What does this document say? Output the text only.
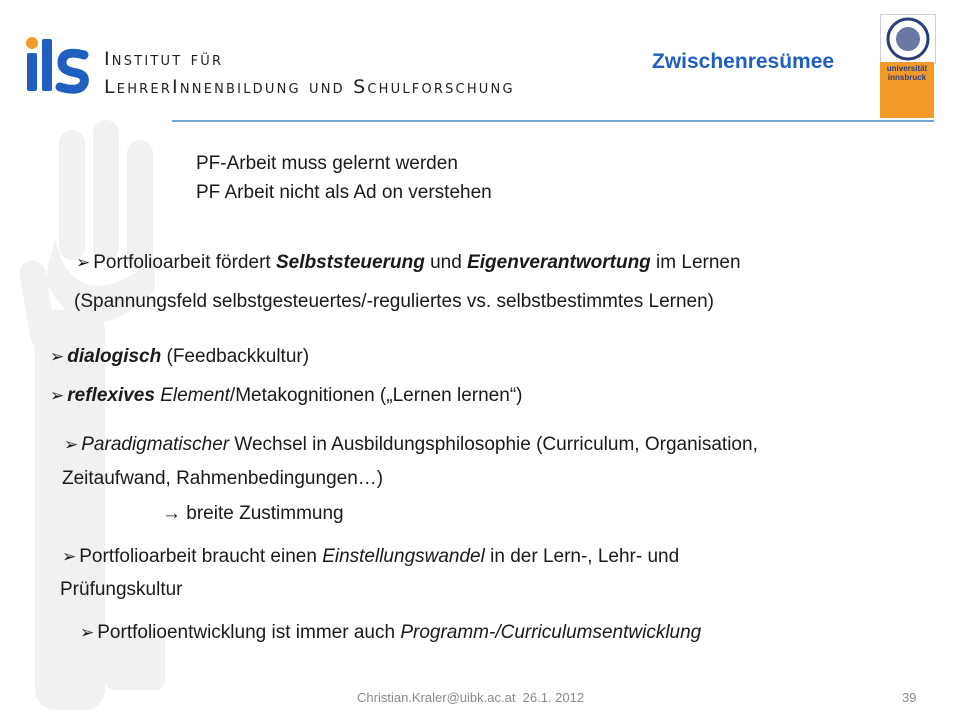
Institut für
LehrerInnenbildung und Schulforschung
Zwischenresümee	universität
innsbruck
PF-Arbeit muss gelernt werden
PF Arbeit nicht als Ad on verstehen
➢ Portfolioarbeit fördert Selbststeuerung und Eigenverantwortung im Lernen
(Spannungsfeld selbstgesteuertes/-reguliertes vs. selbstbestimmtes Lernen)
➢ dialogisch (Feedbackkultur)
➢ reflexives Element/Metakognitionen („Lernen lernen“)
➢ Paradigmatischer Wechsel in Ausbildungsphilosophie (Curriculum, Organisation,
Zeitaufwand, Rahmenbedingungen…)
→ breite Zustimmung
➢ Portfolioarbeit braucht einen Einstellungswandel in der Lern-, Lehr- und
Prüfungskultur
➢ Portfolioentwicklung ist immer auch Programm-/Curriculumsentwicklung
Christian.Kraler@uibk.ac.at  26.1. 2012	39
